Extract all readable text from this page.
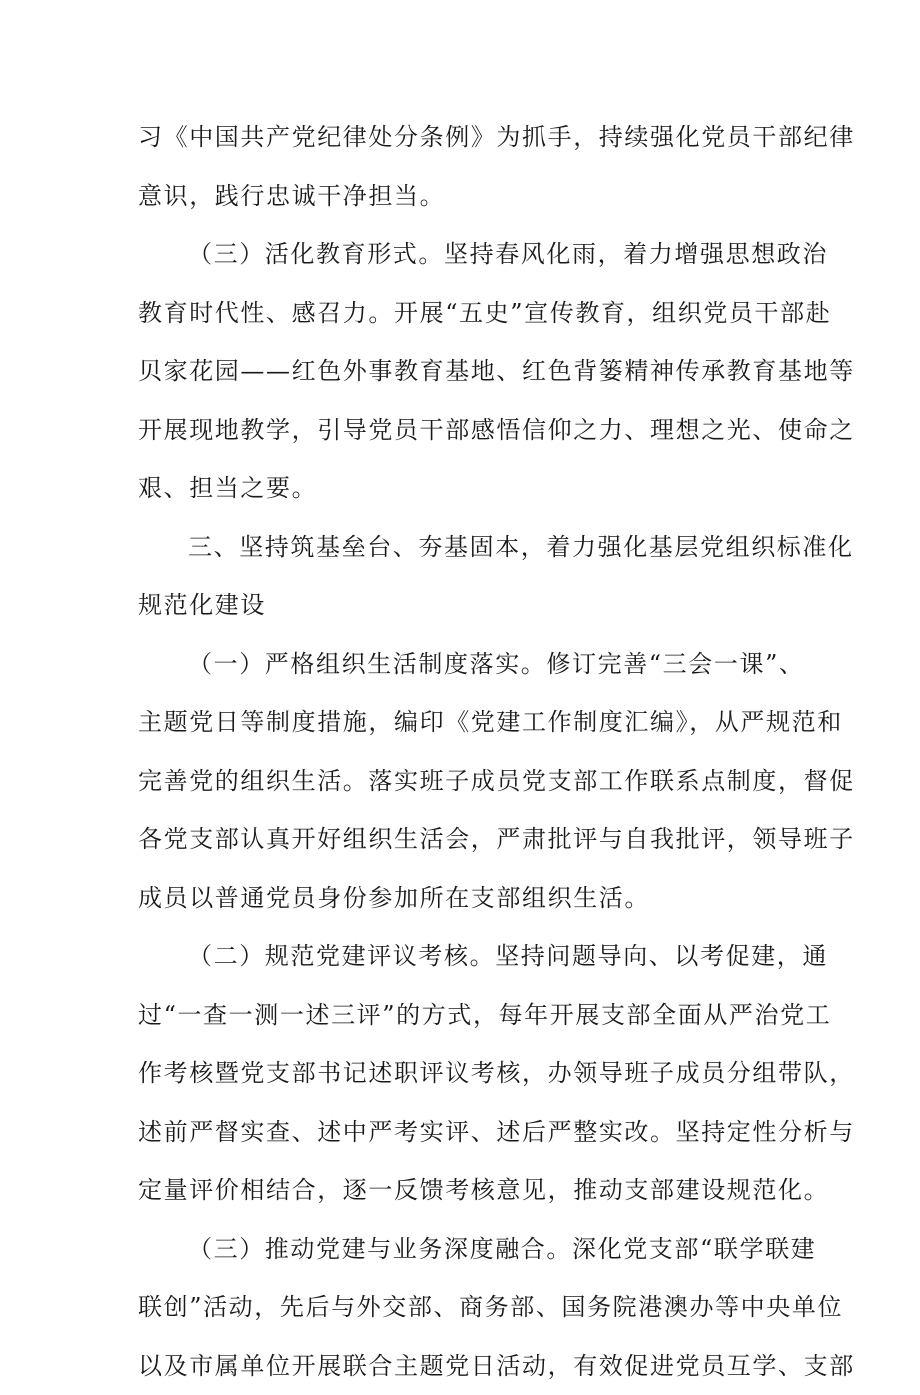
习《中国共产党纪律处分条例》为抓手，持续强化党员干部纪律
意识，践行忠诚干净担当。
（三）活化教育形式。坚持春风化雨，着力增强思想政治
教育时代性、感召力。开展“五史”宣传教育，组织党员干部赴
贝家花园——红色外事教育基地、红色背篓精神传承教育基地等
开展现地教学，引导党员干部感悟信仰之力、理想之光、使命之
艰、担当之要。
三、坚持筑基垒台、夯基固本，着力强化基层党组织标准化
规范化建设
（一）严格组织生活制度落实。修订完善“三会一课”、
主题党日等制度措施，编印《党建工作制度汇编》，从严规范和
完善党的组织生活。落实班子成员党支部工作联系点制度，督促
各党支部认真开好组织生活会，严肃批评与自我批评，领导班子
成员以普通党员身份参加所在支部组织生活。
（二）规范党建评议考核。坚持问题导向、以考促建，通
过“一查一测一述三评”的方式，每年开展支部全面从严治党工
作考核暨党支部书记述职评议考核，办领导班子成员分组带队，
述前严督实查、述中严考实评、述后严整实改。坚持定性分析与
定量评价相结合，逐一反馈考核意见，推动支部建设规范化。
（三）推动党建与业务深度融合。深化党支部“联学联建
联创”活动，先后与外交部、商务部、国务院港澳办等中央单位
以及市属单位开展联合主题党日活动，有效促进党员互学、支部
